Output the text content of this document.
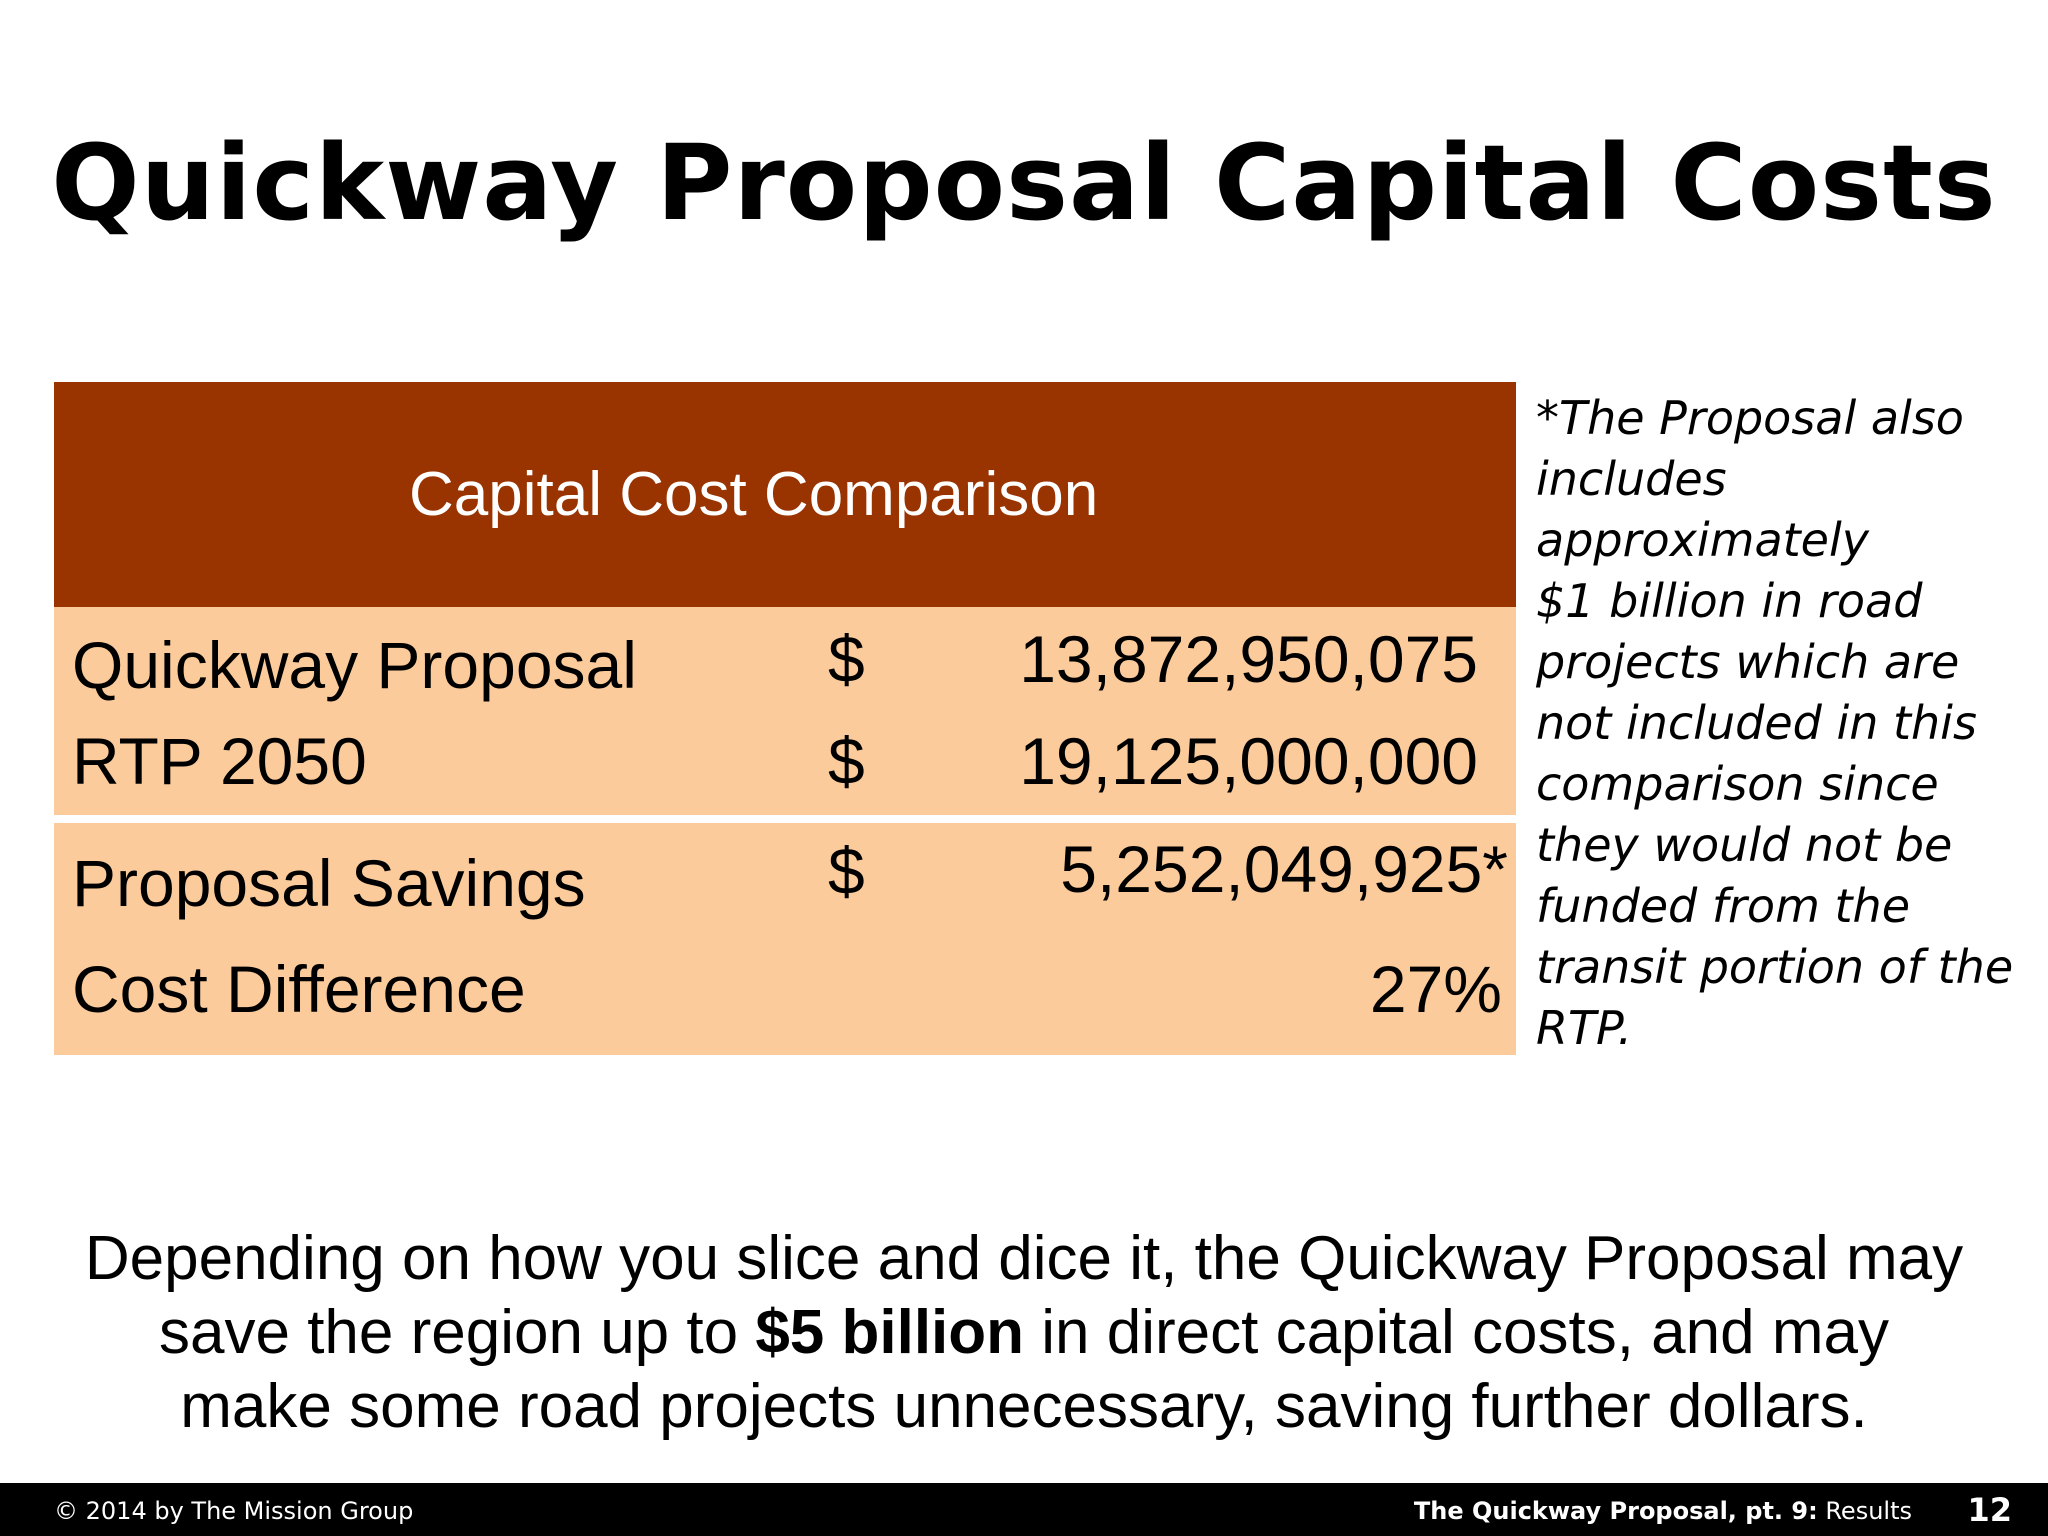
Quickway Proposal Capital Costs
Capital Cost Comparison
Quickway Proposal	$ 13,872,950,075
RTP 2050	$ 19,125,000,000
Proposal Savings	$	5,252,049,925*
Cost Difference	27%
*The Proposal also
includes
approximately
$1 billion in road
projects which are
not included in this
comparison since
they would not be
funded from the
transit portion of the
RTP.
Depending on how you slice and dice it, the Quickway Proposal may
save the region up to $5 billion in direct capital costs, and may
make some road projects unnecessary, saving further dollars.
© 2014 by The Mission Group	The Quickway Proposal, pt. 9: Results 12
